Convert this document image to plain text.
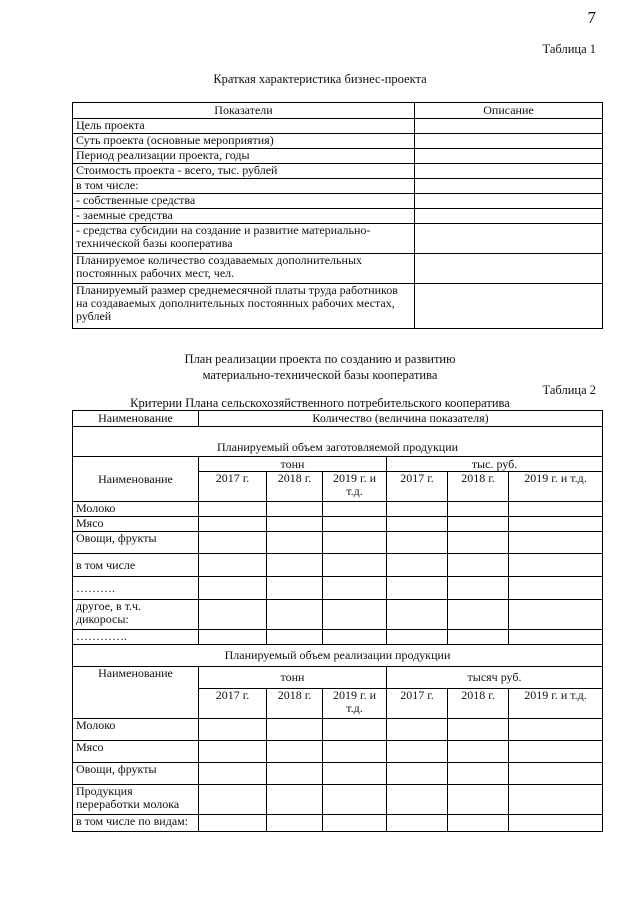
7
Таблица 1
Краткая характеристика бизнес-проекта
Показатели	Описание
Цель проекта	
Суть проекта (основные мероприятия)	
Период реализации проекта, годы	
Стоимость проекта - всего, тыс. рублей	
в том числе:	
- собственные средства	
- заемные средства	
- средства субсидии на создание и развитие материально-технической базы кооператива	
Планируемое количество создаваемых дополнительных постоянных рабочих мест, чел.	
Планируемый размер среднемесячной платы труда работников на создаваемых дополнительных постоянных рабочих местах, рублей	
План реализации проекта по созданию и развитию
материально-технической базы кооператива
Таблица 2
Критерии Плана сельскохозяйственного потребительского кооператива
Наименование	Количество (величина показателя)					
Планируемый объем заготовляемой продукции						
Наименование	тонн			тыс. руб.		
	2017 г.	2018 г.	2019 г. и т.д.	2017 г.	2018 г.	2019 г. и т.д.
Молоко						
Мясо						
Овощи, фрукты						
в том числе						
……….						
другое, в т.ч. дикоросы:						
………….						
Планируемый объем реализации продукции						
Наименование	тонн			тысяч руб.		
	2017 г.	2018 г.	2019 г. и т.д.	2017 г.	2018 г.	2019 г. и т.д.
Молоко						
Мясо						
Овощи, фрукты						
Продукция переработки молока						
в том числе по видам:						
